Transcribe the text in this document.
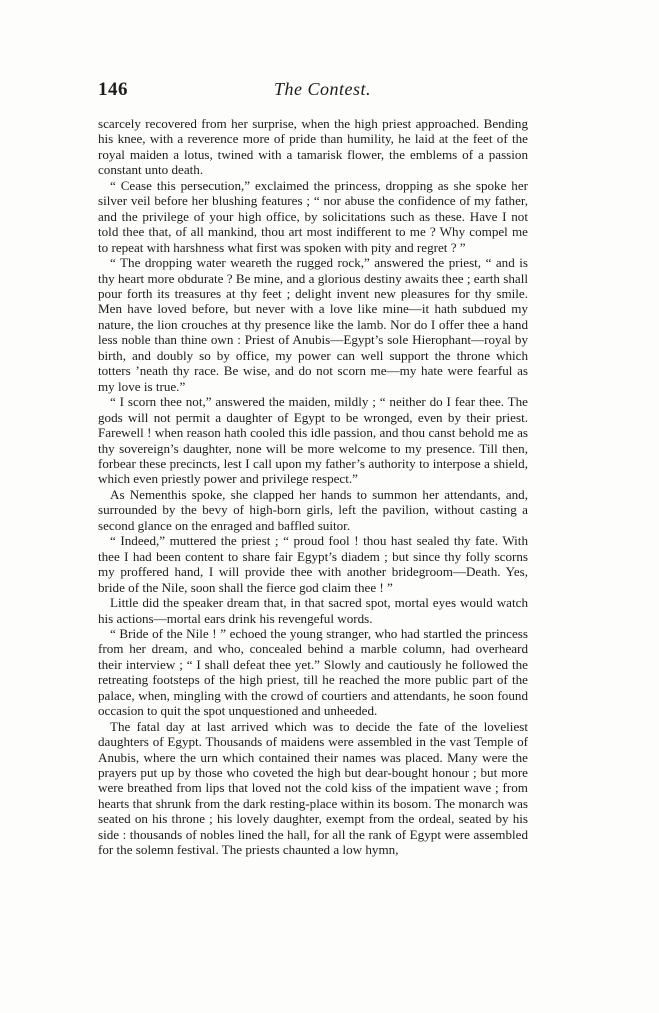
146	The Contest.

scarcely recovered from her surprise, when the high priest approached. Bending his knee, with a reverence more of pride than humility, he laid at the feet of the royal maiden a lotus, twined with a tamarisk flower, the emblems of a passion constant unto death.

“ Cease this persecution,” exclaimed the princess, dropping as she spoke her silver veil before her blushing features ; “ nor abuse the confidence of my father, and the privilege of your high office, by solicitations such as these. Have I not told thee that, of all mankind, thou art most indifferent to me ? Why compel me to repeat with harshness what first was spoken with pity and regret ? ”

“ The dropping water weareth the rugged rock,” answered the priest, “ and is thy heart more obdurate ? Be mine, and a glorious destiny awaits thee ; earth shall pour forth its treasures at thy feet ; delight invent new pleasures for thy smile. Men have loved before, but never with a love like mine—it hath subdued my nature, the lion crouches at thy presence like the lamb. Nor do I offer thee a hand less noble than thine own : Priest of Anubis—Egypt’s sole Hierophant—royal by birth, and doubly so by office, my power can well support the throne which totters ’neath thy race. Be wise, and do not scorn me—my hate were fearful as my love is true.”

“ I scorn thee not,” answered the maiden, mildly ; “ neither do I fear thee. The gods will not permit a daughter of Egypt to be wronged, even by their priest. Farewell ! when reason hath cooled this idle passion, and thou canst behold me as thy sovereign’s daughter, none will be more welcome to my presence. Till then, forbear these precincts, lest I call upon my father’s authority to interpose a shield, which even priestly power and privilege respect.”

As Nementhis spoke, she clapped her hands to summon her attendants, and, surrounded by the bevy of high-born girls, left the pavilion, without casting a second glance on the enraged and baffled suitor.

“ Indeed,” muttered the priest ; “ proud fool ! thou hast sealed thy fate. With thee I had been content to share fair Egypt’s diadem ; but since thy folly scorns my proffered hand, I will provide thee with another bridegroom—Death. Yes, bride of the Nile, soon shall the fierce god claim thee ! ”

Little did the speaker dream that, in that sacred spot, mortal eyes would watch his actions—mortal ears drink his revengeful words.

“ Bride of the Nile ! ” echoed the young stranger, who had startled the princess from her dream, and who, concealed behind a marble column, had overheard their interview ; “ I shall defeat thee yet.” Slowly and cautiously he followed the retreating footsteps of the high priest, till he reached the more public part of the palace, when, mingling with the crowd of courtiers and attendants, he soon found occasion to quit the spot unquestioned and unheeded.

The fatal day at last arrived which was to decide the fate of the loveliest daughters of Egypt. Thousands of maidens were assembled in the vast Temple of Anubis, where the urn which contained their names was placed. Many were the prayers put up by those who coveted the high but dear-bought honour ; but more were breathed from lips that loved not the cold kiss of the impatient wave ; from hearts that shrunk from the dark resting-place within its bosom. The monarch was seated on his throne ; his lovely daughter, exempt from the ordeal, seated by his side : thousands of nobles lined the hall, for all the rank of Egypt were assembled for the solemn festival. The priests chaunted a low hymn,
